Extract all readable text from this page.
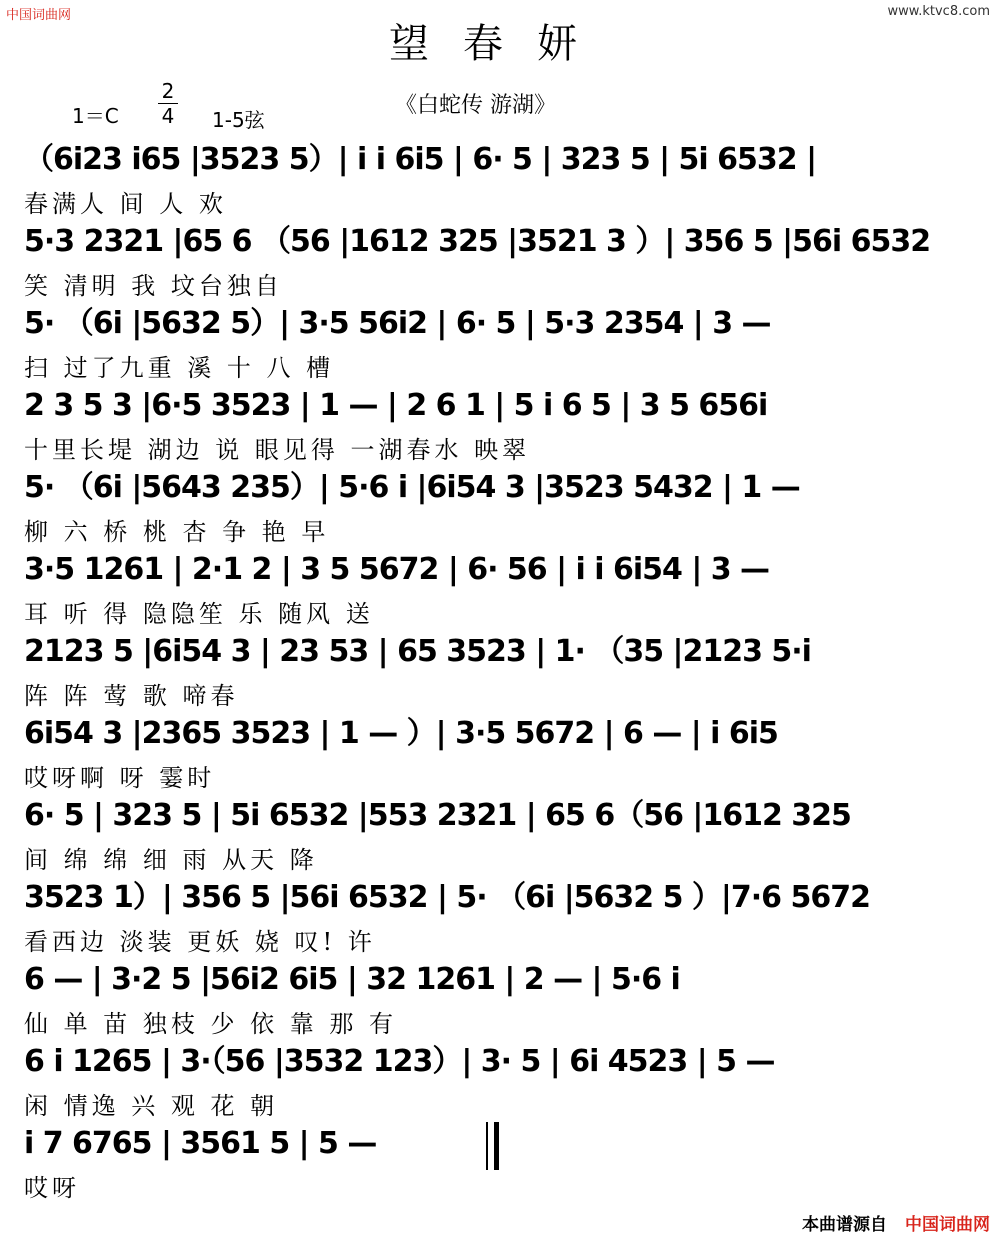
中国词曲网	www.ktvc8.com
望春妍
《白蛇传 游湖》
1＝C
2
4 1-5弦
（6i23 i65 |3523 5）| i i 6i5 | 6· 5 | 323 5 | 5i 6532 |
春满人 间 人 欢
5·3 2321 |65 6 （56 |1612 325 |3521 3 ）| 356 5 |56i 6532
笑 清明 我 坟台独自
5· （6i |5632 5）| 3·5 56i2 | 6· 5 | 5·3 2354 | 3 —
扫 过了九重 溪 十 八 槽
2 3 5 3 |6·5 3523 | 1 — | 2 6 1 | 5 i 6 5 | 3 5 656i
十里长堤 湖边 说 眼见得 一湖春水 映翠
5· （6i |5643 235）| 5·6 i |6i54 3 |3523 5432 | 1 —
柳 六 桥 桃 杏 争 艳 早
3·5 1261 | 2·1 2 | 3 5 5672 | 6· 56 | i i 6i54 | 3 —
耳 听 得 隐隐笙 乐 随风 送
2123 5 |6i54 3 | 23 53 | 65 3523 | 1· （35 |2123 5·i
阵 阵 莺 歌 啼春
6i54 3 |2365 3523 | 1 — ）| 3·5 5672 | 6 — | i 6i5
哎呀啊 呀 霎时
6· 5 | 323 5 | 5i 6532 |553 2321 | 65 6（56 |1612 325
间 绵 绵 细 雨 从天 降
3523 1）| 356 5 |56i 6532 | 5· （6i |5632 5 ）|7·6 5672
看西边 淡装 更妖 娆 叹! 许
6 — | 3·2 5 |56i2 6i5 | 32 1261 | 2 — | 5·6 i
仙 单 苗 独枝 少 依 靠 那 有
6 i 1265 | 3·（56 |3532 123）| 3· 5 | 6i 4523 | 5 —
闲 情逸 兴 观 花 朝
i 7 6765 | 3561 5 | 5 —
哎呀
本曲谱源自 中国词曲网
